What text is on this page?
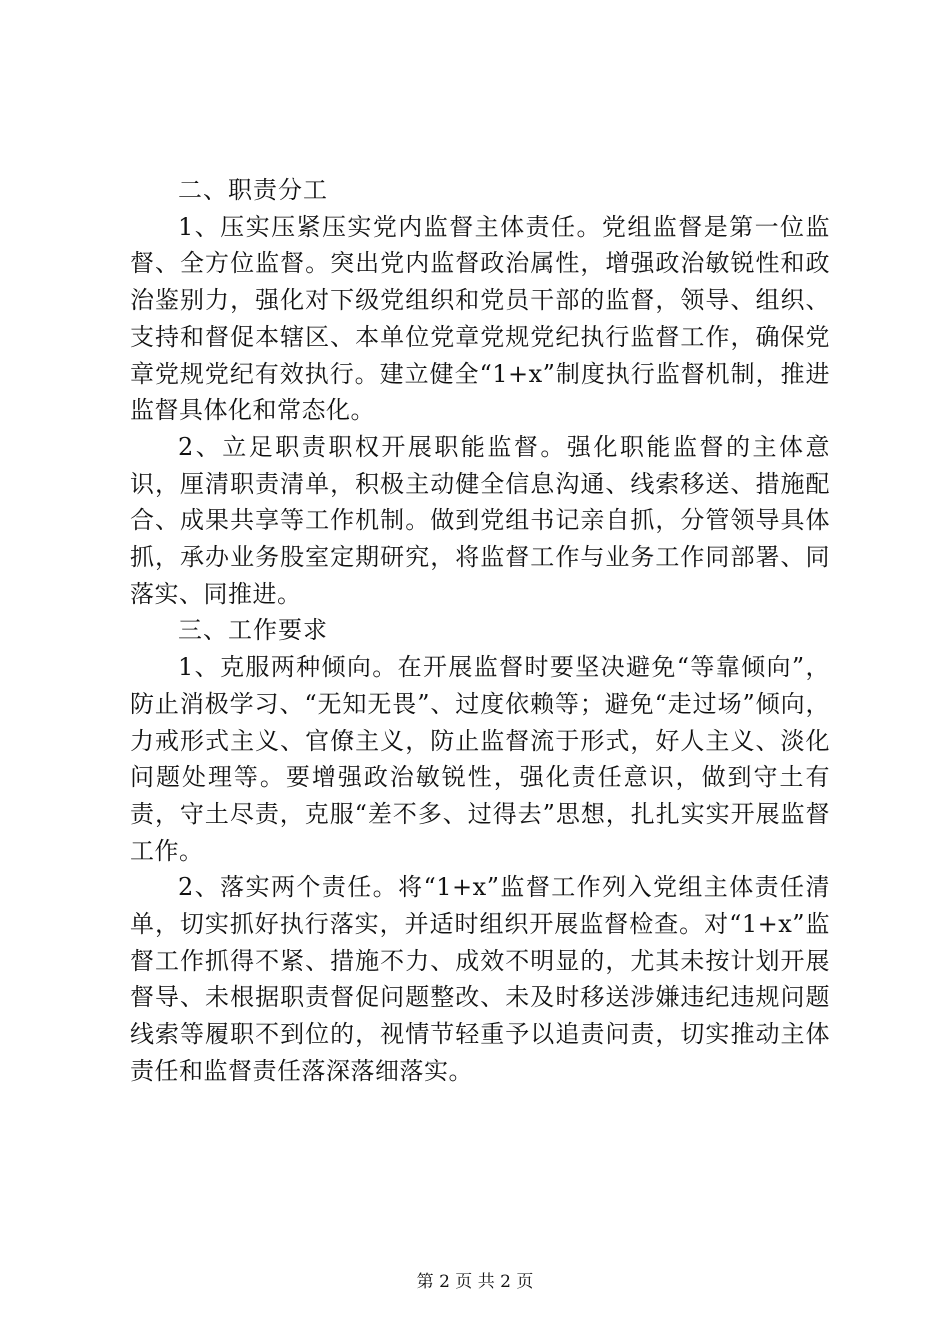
二、职责分工

1、压实压紧压实党内监督主体责任。党组监督是第一位监督、全方位监督。突出党内监督政治属性，增强政治敏锐性和政治鉴别力，强化对下级党组织和党员干部的监督，领导、组织、支持和督促本辖区、本单位党章党规党纪执行监督工作，确保党章党规党纪有效执行。建立健全“1+x”制度执行监督机制，推进监督具体化和常态化。

2、立足职责职权开展职能监督。强化职能监督的主体意识，厘清职责清单，积极主动健全信息沟通、线索移送、措施配合、成果共享等工作机制。做到党组书记亲自抓，分管领导具体抓，承办业务股室定期研究，将监督工作与业务工作同部署、同落实、同推进。

三、工作要求

1、克服两种倾向。在开展监督时要坚决避免“等靠倾向”，防止消极学习、“无知无畏”、过度依赖等；避免“走过场”倾向，力戒形式主义、官僚主义，防止监督流于形式，好人主义、淡化问题处理等。要增强政治敏锐性，强化责任意识，做到守土有责，守土尽责，克服“差不多、过得去”思想，扎扎实实开展监督工作。

2、落实两个责任。将“1+x”监督工作列入党组主体责任清单，切实抓好执行落实，并适时组织开展监督检查。对“1+x”监督工作抓得不紧、措施不力、成效不明显的，尤其未按计划开展督导、未根据职责督促问题整改、未及时移送涉嫌违纪违规问题线索等履职不到位的，视情节轻重予以追责问责，切实推动主体责任和监督责任落深落细落实。

第 2 页 共 2 页
